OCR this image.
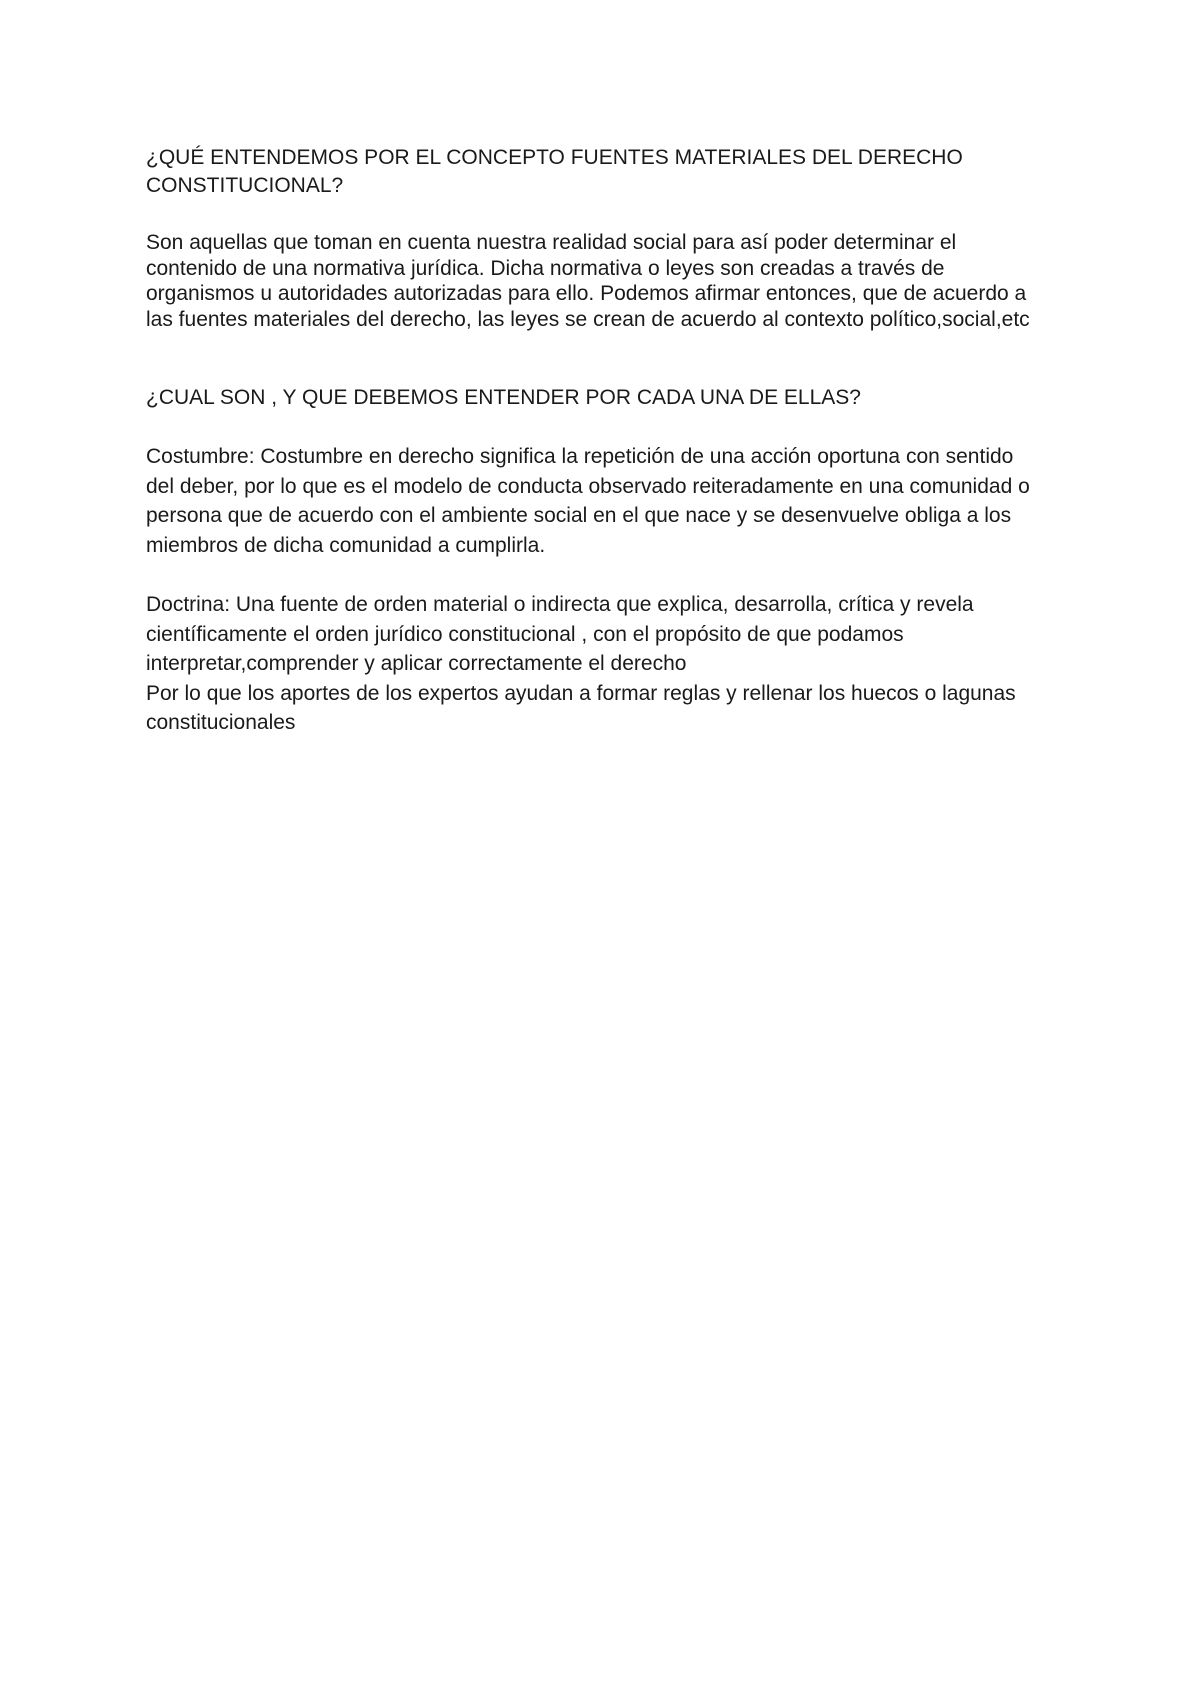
¿QUÉ ENTENDEMOS POR EL CONCEPTO FUENTES MATERIALES DEL DERECHO CONSTITUCIONAL?

Son aquellas que toman en cuenta nuestra realidad social para así poder determinar el contenido de una normativa jurídica. Dicha normativa o leyes son creadas a través de organismos u autoridades autorizadas para ello. Podemos afirmar entonces, que de acuerdo a las fuentes materiales del derecho, las leyes se crean de acuerdo al contexto político,social,etc

¿CUAL SON , Y QUE DEBEMOS ENTENDER POR CADA UNA DE ELLAS?

Costumbre: Costumbre en derecho significa la repetición de una acción oportuna con sentido del deber, por lo que es el modelo de conducta observado reiteradamente en una comunidad o persona que de acuerdo con el ambiente social en el que nace y se desenvuelve obliga a los miembros de dicha comunidad a cumplirla.

Doctrina: Una fuente de orden material o indirecta que explica, desarrolla, crítica y revela científicamente el orden jurídico constitucional , con el propósito de que podamos interpretar,comprender y aplicar correctamente el derecho

Por lo que los aportes de los expertos ayudan a formar reglas y rellenar los huecos o lagunas constitucionales
